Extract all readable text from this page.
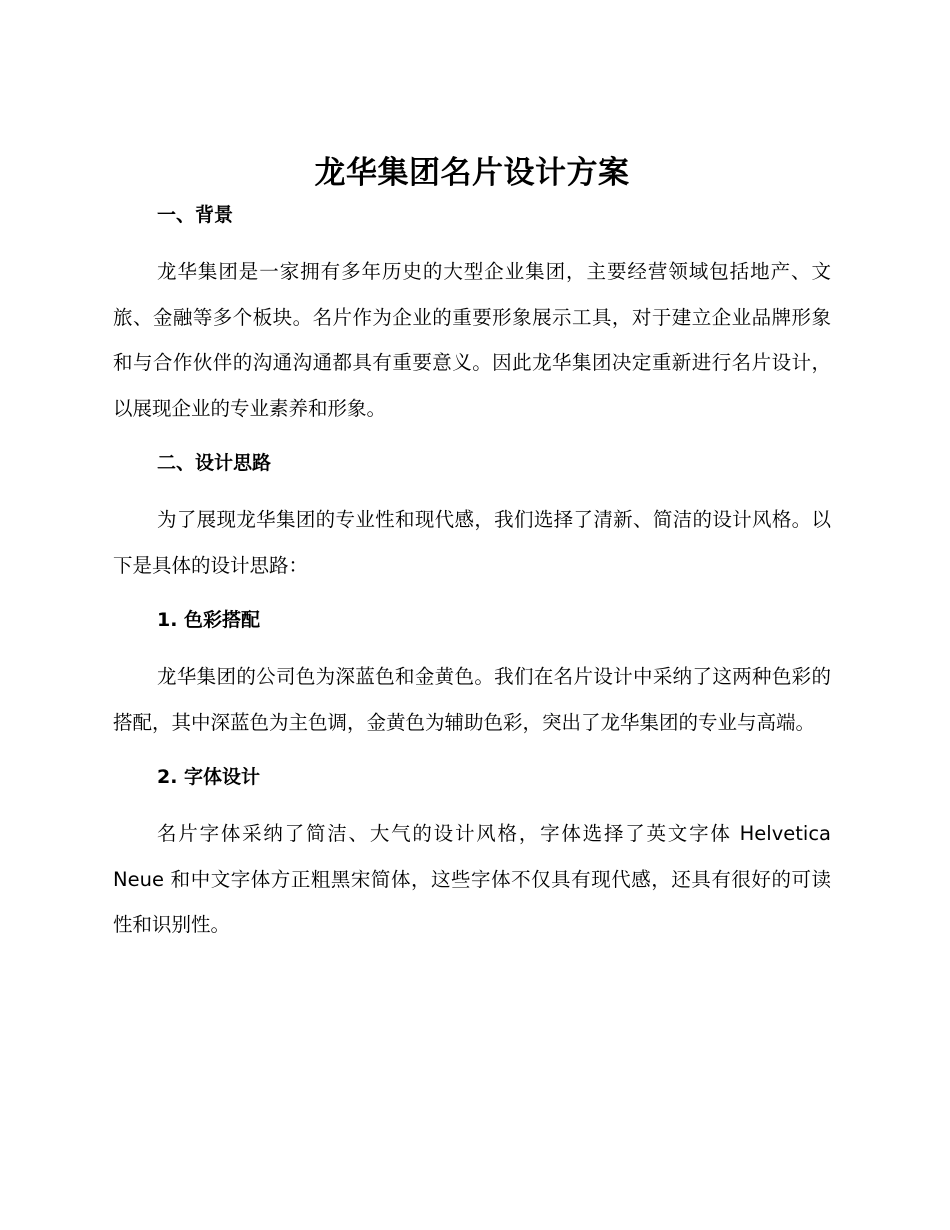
龙华集团名片设计方案
一、背景

龙华集团是一家拥有多年历史的大型企业集团，主要经营领域包括地产、文旅、金融等多个板块。名片作为企业的重要形象展示工具，对于建立企业品牌形象和与合作伙伴的沟通沟通都具有重要意义。因此龙华集团决定重新进行名片设计，以展现企业的专业素养和形象。

二、设计思路

为了展现龙华集团的专业性和现代感，我们选择了清新、简洁的设计风格。以下是具体的设计思路：

1. 色彩搭配

龙华集团的公司色为深蓝色和金黄色。我们在名片设计中采纳了这两种色彩的搭配，其中深蓝色为主色调，金黄色为辅助色彩，突出了龙华集团的专业与高端。

2. 字体设计

名片字体采纳了简洁、大气的设计风格，字体选择了英文字体 Helvetica Neue 和中文字体方正粗黑宋简体，这些字体不仅具有现代感，还具有很好的可读性和识别性。
